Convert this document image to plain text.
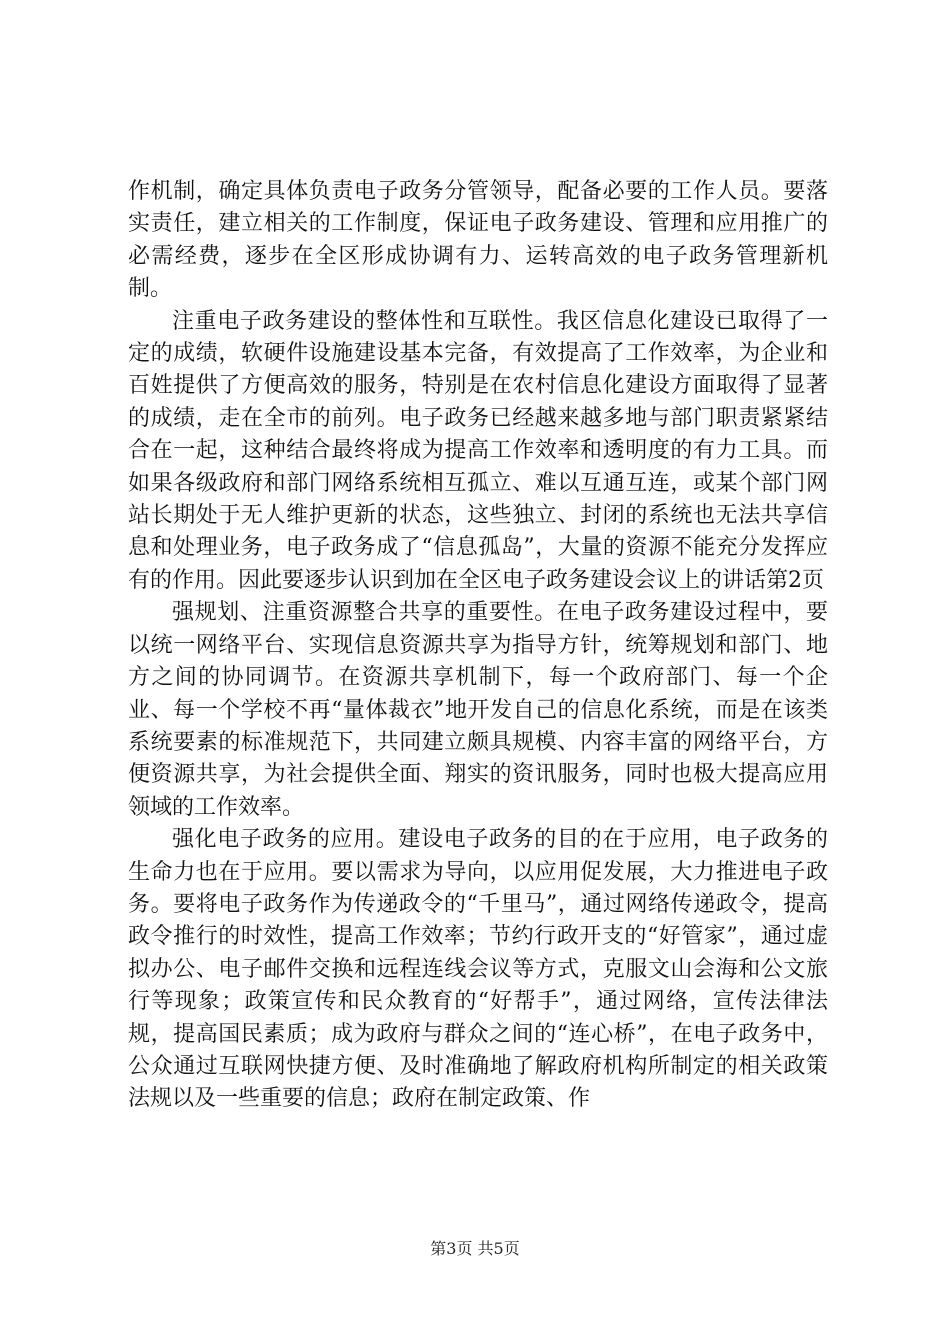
作机制，确定具体负责电子政务分管领导，配备必要的工作人员。要落实责任，建立相关的工作制度，保证电子政务建设、管理和应用推广的必需经费，逐步在全区形成协调有力、运转高效的电子政务管理新机制。

注重电子政务建设的整体性和互联性。我区信息化建设已取得了一定的成绩，软硬件设施建设基本完备，有效提高了工作效率，为企业和百姓提供了方便高效的服务，特别是在农村信息化建设方面取得了显著的成绩，走在全市的前列。电子政务已经越来越多地与部门职责紧紧结合在一起，这种结合最终将成为提高工作效率和透明度的有力工具。而如果各级政府和部门网络系统相互孤立、难以互通互连，或某个部门网站长期处于无人维护更新的状态，这些独立、封闭的系统也无法共享信息和处理业务，电子政务成了“信息孤岛”，大量的资源不能充分发挥应有的作用。因此要逐步认识到加在全区电子政务建设会议上的讲话第2页

强规划、注重资源整合共享的重要性。在电子政务建设过程中，要以统一网络平台、实现信息资源共享为指导方针，统筹规划和部门、地方之间的协同调节。在资源共享机制下，每一个政府部门、每一个企业、每一个学校不再“量体裁衣”地开发自己的信息化系统，而是在该类系统要素的标准规范下，共同建立颇具规模、内容丰富的网络平台，方便资源共享，为社会提供全面、翔实的资讯服务，同时也极大提高应用领域的工作效率。

强化电子政务的应用。建设电子政务的目的在于应用，电子政务的生命力也在于应用。要以需求为导向，以应用促发展，大力推进电子政务。要将电子政务作为传递政令的“千里马”，通过网络传递政令，提高政令推行的时效性，提高工作效率；节约行政开支的“好管家”，通过虚拟办公、电子邮件交换和远程连线会议等方式，克服文山会海和公文旅行等现象；政策宣传和民众教育的“好帮手”，通过网络，宣传法律法规，提高国民素质；成为政府与群众之间的“连心桥”，在电子政务中，公众通过互联网快捷方便、及时准确地了解政府机构所制定的相关政策法规以及一些重要的信息；政府在制定政策、作

第3页 共5页
